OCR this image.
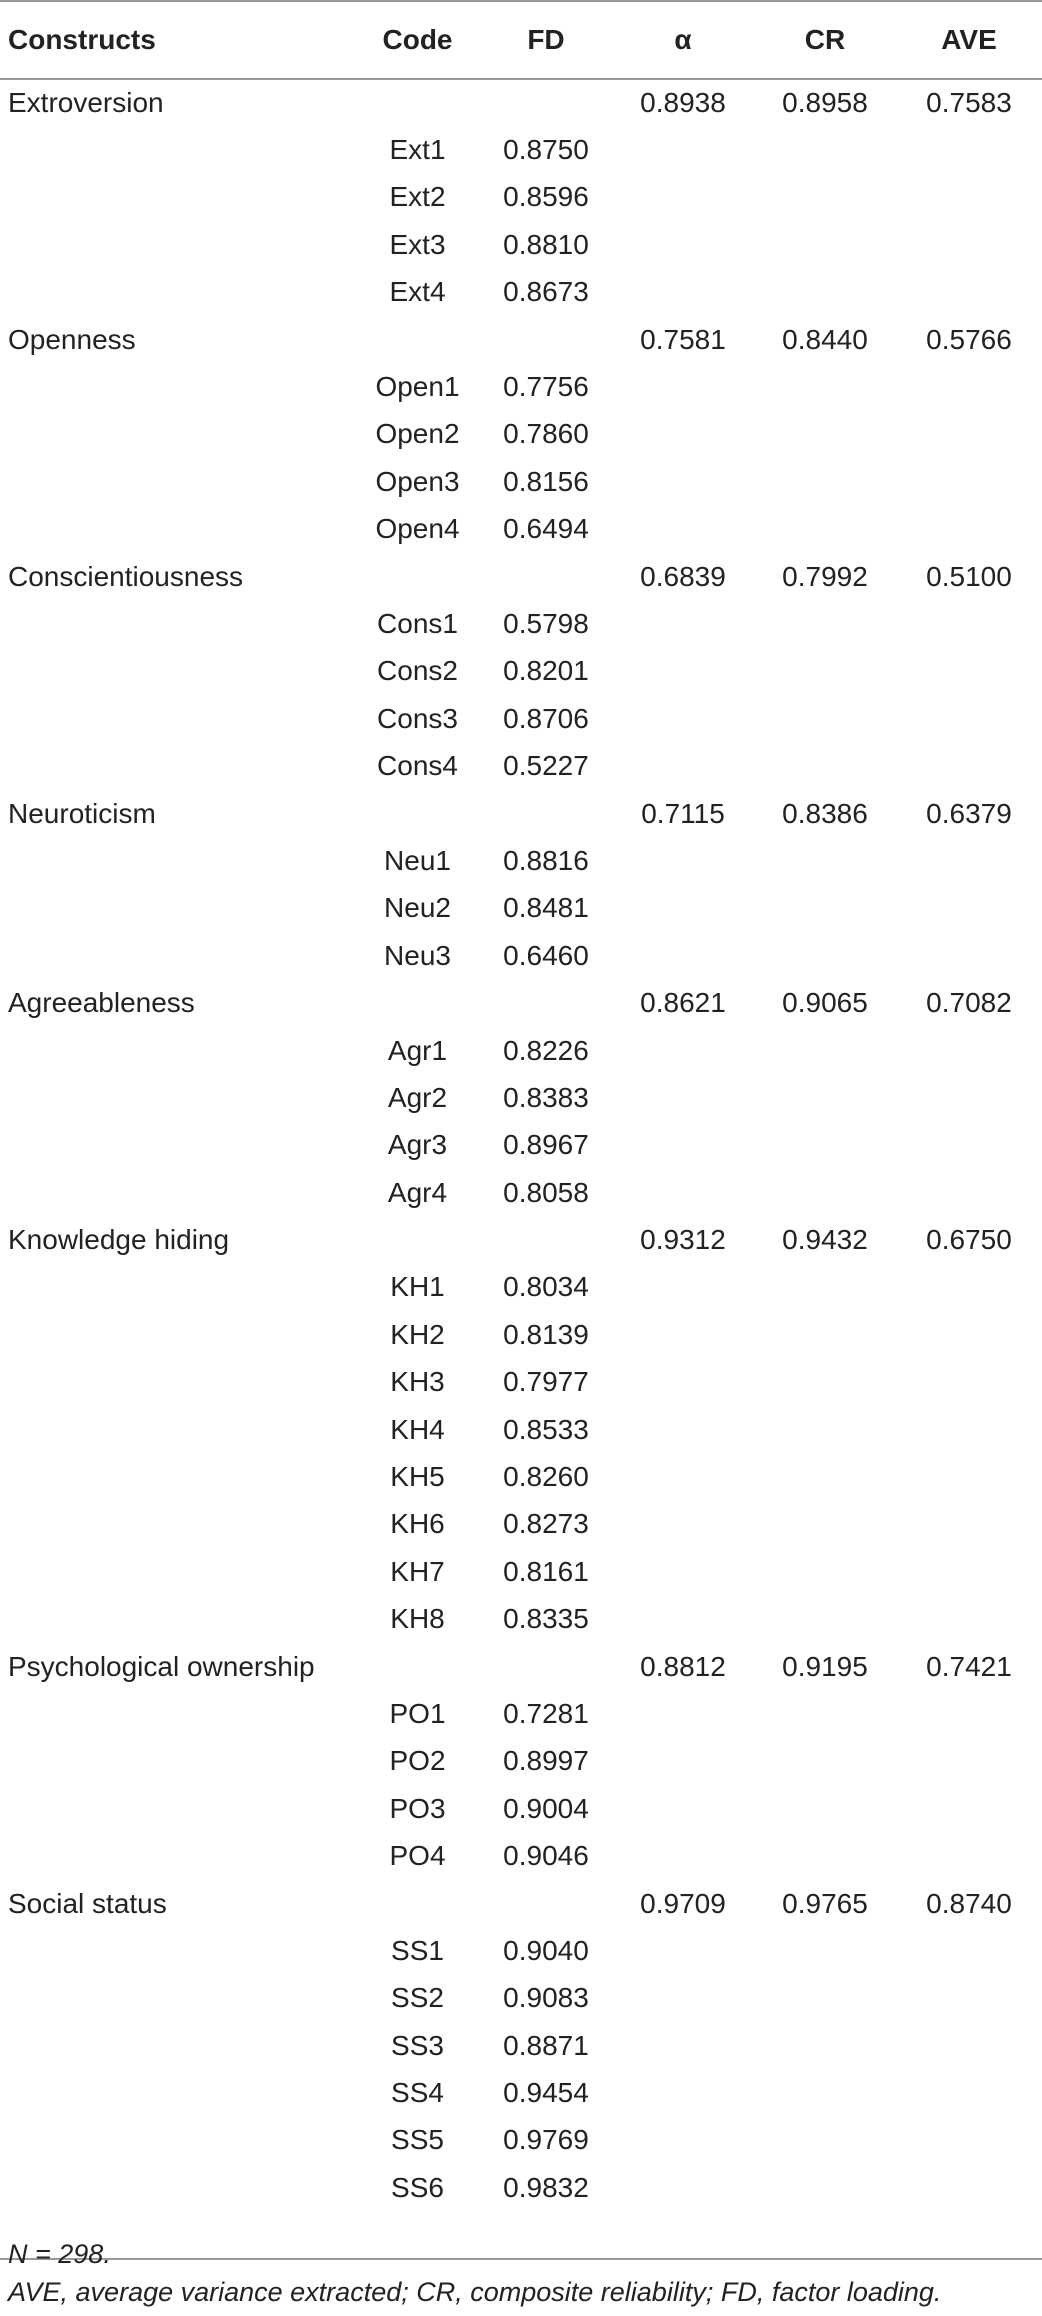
Constructs	Code	FD	α	CR	AVE
Extroversion			0.8938	0.8958	0.7583
	Ext1	0.8750			
	Ext2	0.8596			
	Ext3	0.8810			
	Ext4	0.8673			
Openness			0.7581	0.8440	0.5766
	Open1	0.7756			
	Open2	0.7860			
	Open3	0.8156			
	Open4	0.6494			
Conscientiousness			0.6839	0.7992	0.5100
	Cons1	0.5798			
	Cons2	0.8201			
	Cons3	0.8706			
	Cons4	0.5227			
Neuroticism			0.7115	0.8386	0.6379
	Neu1	0.8816			
	Neu2	0.8481			
	Neu3	0.6460			
Agreeableness			0.8621	0.9065	0.7082
	Agr1	0.8226			
	Agr2	0.8383			
	Agr3	0.8967			
	Agr4	0.8058			
Knowledge hiding			0.9312	0.9432	0.6750
	KH1	0.8034			
	KH2	0.8139			
	KH3	0.7977			
	KH4	0.8533			
	KH5	0.8260			
	KH6	0.8273			
	KH7	0.8161			
	KH8	0.8335			
Psychological ownership			0.8812	0.9195	0.7421
	PO1	0.7281			
	PO2	0.8997			
	PO3	0.9004			
	PO4	0.9046			
Social status			0.9709	0.9765	0.8740
	SS1	0.9040			
	SS2	0.9083			
	SS3	0.8871			
	SS4	0.9454			
	SS5	0.9769			
	SS6	0.9832			

N = 298.
AVE, average variance extracted; CR, composite reliability; FD, factor loading.
